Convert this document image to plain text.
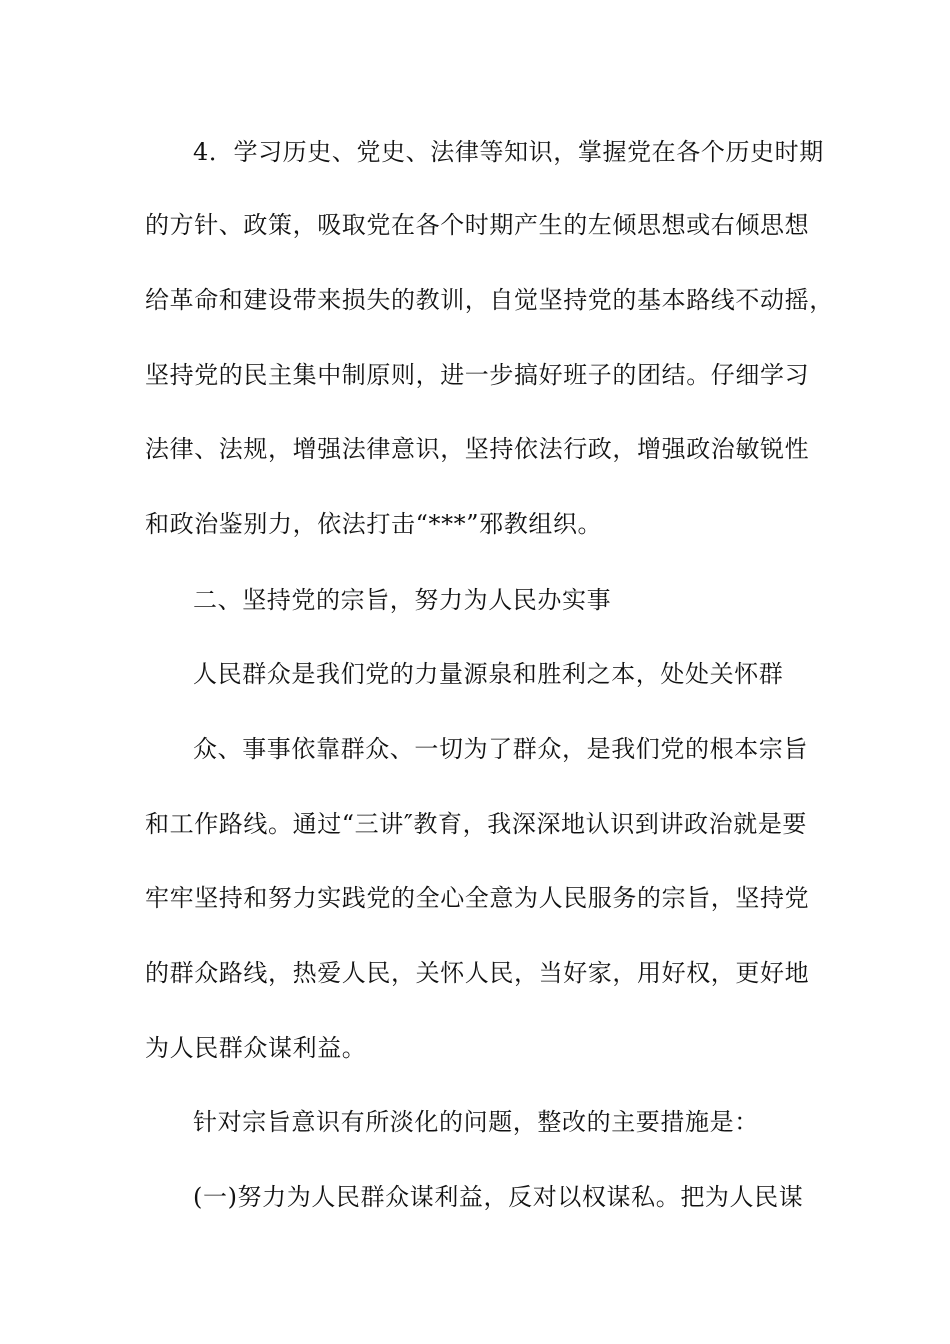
4．学习历史、党史、法律等知识，掌握党在各个历史时期
的方针、政策，吸取党在各个时期产生的左倾思想或右倾思想
给革命和建设带来损失的教训，自觉坚持党的基本路线不动摇，
坚持党的民主集中制原则，进一步搞好班子的团结。仔细学习
法律、法规，增强法律意识，坚持依法行政，增强政治敏锐性
和政治鉴别力，依法打击“***”邪教组织。
二、坚持党的宗旨，努力为人民办实事
人民群众是我们党的力量源泉和胜利之本，处处关怀群
众、事事依靠群众、一切为了群众，是我们党的根本宗旨
和工作路线。通过“三讲″教育，我深深地认识到讲政治就是要
牢牢坚持和努力实践党的全心全意为人民服务的宗旨，坚持党
的群众路线，热爱人民，关怀人民，当好家，用好权，更好地
为人民群众谋利益。
针对宗旨意识有所淡化的问题，整改的主要措施是：
(一)努力为人民群众谋利益，反对以权谋私。把为人民谋
